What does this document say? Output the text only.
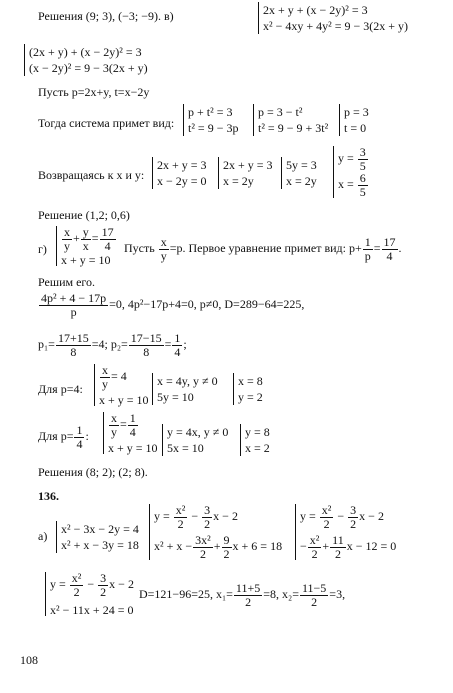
Решения (9; 3), (−3; −9). в)	2x + y + (x − 2y)² = 3
x² − 4xy + 4y² = 9 − 3(2x + y)
(2x + y) + (x − 2y)² = 3
(x − 2y)² = 9 − 3(2x + y)
Пусть p=2x+y, t=x−2y
Тогда система примет вид:
p + t² = 3
t² = 9 − 3p
p = 3 − t²
t² = 9 − 9 + 3t²
p = 3
t = 0
Возвращаясь к x и y:
2x + y = 3
x − 2y = 0
2x + y = 3
x = 2y
5y = 3
x = 2y
$y = \frac{3}{5}$
$x = \frac{6}{5}$
Решение (1,2; 0,6)
$г) \frac{x}{y} + \frac{y}{x} = \frac{17}{4}$
x + y = 10
Пусть $\frac{x}{y} =p$. Первое уравнение примет вид: $p+ \frac{1}{p} = \frac{17}{4}$ .
Решим его.
$\frac{\text{4p² + 4 − 17p}}{p} =0$, 4p²−17p+4=0, p≠0, D=289−64=225,
$p_1= \frac{17+15}{8} =4$; $p_2= \frac{17-15}{8} = \frac{1}{4}$ ;
Для p=4: $\frac{x}{y} = 4$
x + y = 10
x = 4y, y ≠ 0
5y = 10
x = 8
y = 2
Для $p= \frac{1}{4}$ : $\frac{x}{y} = \frac{1}{4}$
x + y = 10
y = 4x, y ≠ 0
5x = 10
y = 8
x = 2
Решения (8; 2); (2; 8).
136.
а) x² − 3x − 2y = 4
x² + x − 3y = 18
$y = \frac{\text{x²}}{2} - \frac{3}{2}$ x − 2
$x^2 + x - \frac{\text{3x²}}{2} + \frac{9}{2}$ x + 6 = 18
$y = \frac{\text{x²}}{2} - \frac{3}{2}$ x − 2
− $\frac{\text{x²}}{2} + \frac{11}{2}$ x − 12 = 0
$y = \frac{\text{x²}}{2} - \frac{3}{2}$ x − 2
x² − 11x + 24 = 0
D=121−96=25, $x_1= \frac{11+5}{2} =8$, $x_2= \frac{11-5}{2} =3$,
108
